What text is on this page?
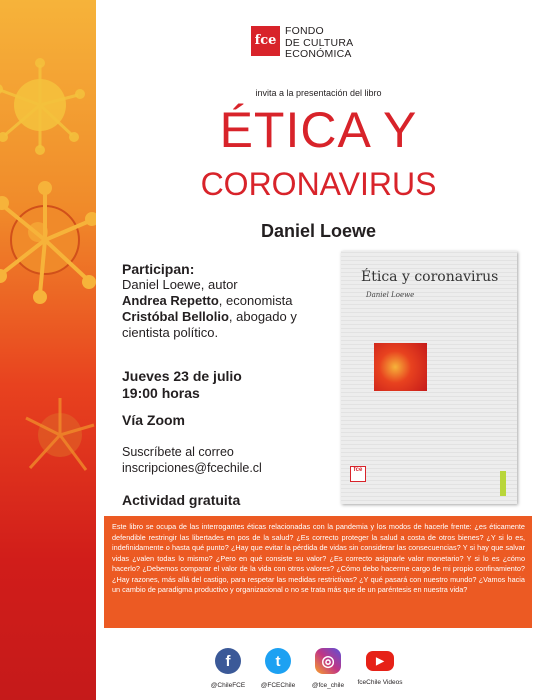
fce
FONDO
DE CULTURA
ECONÓMICA
invita a la presentación del libro
ÉTICA Y
CORONAVIRUS
Daniel Loewe
Participan:
Daniel Loewe, autor
Andrea Repetto, economista
Cristóbal Bellolio, abogado y
cientista político.
Jueves 23 de julio
19:00 horas
Vía Zoom
Suscríbete al correo
inscripciones@fcechile.cl
Actividad gratuita
Ética y coronavirus
Daniel Loewe
fce
Este libro se ocupa de las interrogantes éticas relacionadas con la pandemia y los modos de hacerle frente: ¿es éticamente defendible restringir las libertades en pos de la salud? ¿Es correcto proteger la salud a costa de otros bienes? ¿Y si lo es, indefinidamente o hasta qué punto? ¿Hay que evitar la pérdida de vidas sin considerar las consecuencias? Y si hay que salvar vidas ¿valen todas lo mismo? ¿Pero en qué consiste su valor? ¿Es correcto asignarle valor monetario? Y si lo es ¿cómo hacerlo? ¿Debemos comparar el valor de la vida con otros valores? ¿Cómo debo hacerme cargo de mi propio confinamiento? ¿Hay razones, más allá del castigo, para respetar las medidas restrictivas? ¿Y qué pasará con nuestro mundo? ¿Vamos hacia un cambio de paradigma productivo y organizacional o no se trata más que de un paréntesis en nuestra vida?
f
@ChileFCE
t
@FCEChile
◎
@fce_chile
▶
fceChile Videos
